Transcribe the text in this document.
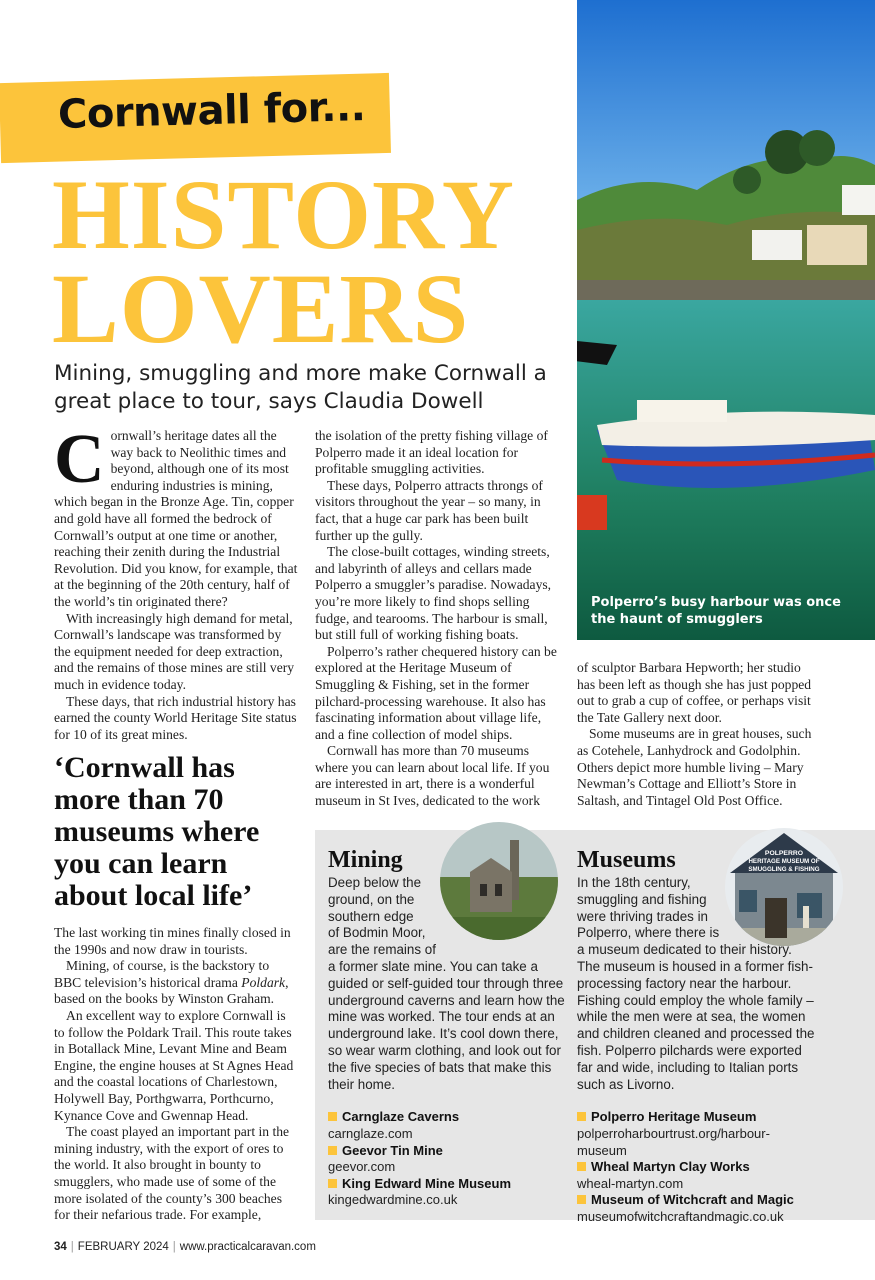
Cornwall for...
HISTORY
LOVERS
Mining, smuggling and more make Cornwall a great place to tour, says Claudia Dowell
Polperro’s busy harbour was once the haunt of smugglers

Cornwall’s heritage dates all the way back to Neolithic times and beyond, although one of its most enduring industries is mining, which began in the Bronze Age. Tin, copper and gold have all formed the bedrock of Cornwall’s output at one time or another, reaching their zenith during the Industrial Revolution. Did you know, for example, that at the beginning of the 20th century, half of the world’s tin originated there?

With increasingly high demand for metal, Cornwall’s landscape was transformed by the equipment needed for deep extraction, and the remains of those mines are still very much in evidence today.

These days, that rich industrial history has earned the county World Heritage Site status for 10 of its great mines.

‘Cornwall has more than 70 museums where you can learn about local life’

The last working tin mines finally closed in the 1990s and now draw in tourists.

Mining, of course, is the backstory to BBC television’s historical drama Poldark, based on the books by Winston Graham.

An excellent way to explore Cornwall is to follow the Poldark Trail. This route takes in Botallack Mine, Levant Mine and Beam Engine, the engine houses at St Agnes Head and the coastal locations of Charlestown, Holywell Bay, Porthgwarra, Porthcurno, Kynance Cove and Gwennap Head.

The coast played an important part in the mining industry, with the export of ores to the world. It also brought in bounty to smugglers, who made use of some of the more isolated of the county’s 300 beaches for their nefarious trade. For example,

the isolation of the pretty fishing village of Polperro made it an ideal location for profitable smuggling activities.

These days, Polperro attracts throngs of visitors throughout the year – so many, in fact, that a huge car park has been built further up the gully.

The close-built cottages, winding streets, and labyrinth of alleys and cellars made Polperro a smuggler’s paradise. Nowadays, you’re more likely to find shops selling fudge, and tearooms. The harbour is small, but still full of working fishing boats.

Polperro’s rather chequered history can be explored at the Heritage Museum of Smuggling & Fishing, set in the former pilchard-processing warehouse. It also has fascinating information about village life, and a fine collection of model ships.

Cornwall has more than 70 museums where you can learn about local life. If you are interested in art, there is a wonderful museum in St Ives, dedicated to the work

of sculptor Barbara Hepworth; her studio has been left as though she has just popped out to grab a cup of coffee, or perhaps visit the Tate Gallery next door.

Some museums are in great houses, such as Cotehele, Lanhydrock and Godolphin. Others depict more humble living – Mary Newman’s Cottage and Elliott’s Store in Saltash, and Tintagel Old Post Office.

POLPERRO
HERITAGE MUSEUM OF
SMUGGLING & FISHING
Mining
Deep below the
ground, on the
southern edge
of Bodmin Moor,
are the remains of
a former slate mine. You can take a guided or self-guided tour through three underground caverns and learn how the mine was worked. The tour ends at an underground lake. It’s cool down there, so wear warm clothing, and look out for the five species of bats that make this their home.
Carnglaze Caverns
carnglaze.com
Geevor Tin Mine
geevor.com
King Edward Mine Museum
kingedwardmine.co.uk
Museums
In the 18th century,
smuggling and fishing
were thriving trades in
Polperro, where there is
a museum dedicated to their history. The museum is housed in a former fish-processing factory near the harbour. Fishing could employ the whole family – while the men were at sea, the women and children cleaned and processed the fish. Polperro pilchards were exported far and wide, including to Italian ports such as Livorno.
Polperro Heritage Museum
polperroharbourtrust.org/harbour-museum
Wheal Martyn Clay Works
wheal-martyn.com
Museum of Witchcraft and Magic
museumofwitchcraftandmagic.co.uk
34 | FEBRUARY 2024 | www.practicalcaravan.com
